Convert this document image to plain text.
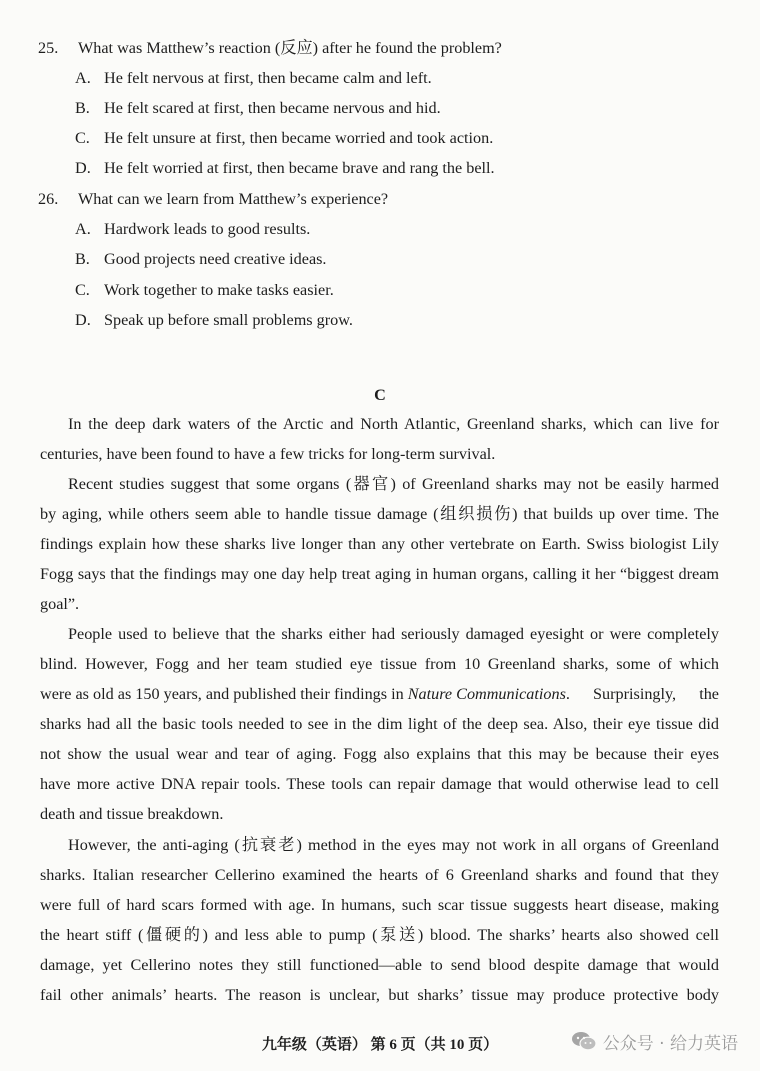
25. What was Matthew’s reaction (反应) after he found the problem?
A. He felt nervous at first, then became calm and left.
B. He felt scared at first, then became nervous and hid.
C. He felt unsure at first, then became worried and took action.
D. He felt worried at first, then became brave and rang the bell.
26. What can we learn from Matthew’s experience?
A. Hardwork leads to good results.
B. Good projects need creative ideas.
C. Work together to make tasks easier.
D. Speak up before small problems grow.
C
In the deep dark waters of the Arctic and North Atlantic, Greenland sharks, which can live for
centuries, have been found to have a few tricks for long-term survival.
Recent studies suggest that some organs (器官) of Greenland sharks may not be easily harmed
by aging, while others seem able to handle tissue damage (组织损伤) that builds up over time. The
findings explain how these sharks live longer than any other vertebrate on Earth. Swiss biologist Lily
Fogg says that the findings may one day help treat aging in human organs, calling it her “biggest dream
goal”.
People used to believe that the sharks either had seriously damaged eyesight or were completely
blind. However, Fogg and her team studied eye tissue from 10 Greenland sharks, some of which
were as old as 150 years, and published their findings in Nature Communications . Surprisingly, the
sharks had all the basic tools needed to see in the dim light of the deep sea. Also, their eye tissue did
not show the usual wear and tear of aging. Fogg also explains that this may be because their eyes
have more active DNA repair tools. These tools can repair damage that would otherwise lead to cell
death and tissue breakdown.
However, the anti-aging (抗衰老) method in the eyes may not work in all organs of Greenland
sharks. Italian researcher Cellerino examined the hearts of 6 Greenland sharks and found that they
were full of hard scars formed with age. In humans, such scar tissue suggests heart disease, making
the heart stiff (僵硬的) and less able to pump (泵送) blood. The sharks’ hearts also showed cell
damage, yet Cellerino notes they still functioned—able to send blood despite damage that would
fail other animals’ hearts. The reason is unclear, but sharks’ tissue may produce protective body
九年级（英语） 第 6 页（共 10 页）	公众号 · 给力英语
